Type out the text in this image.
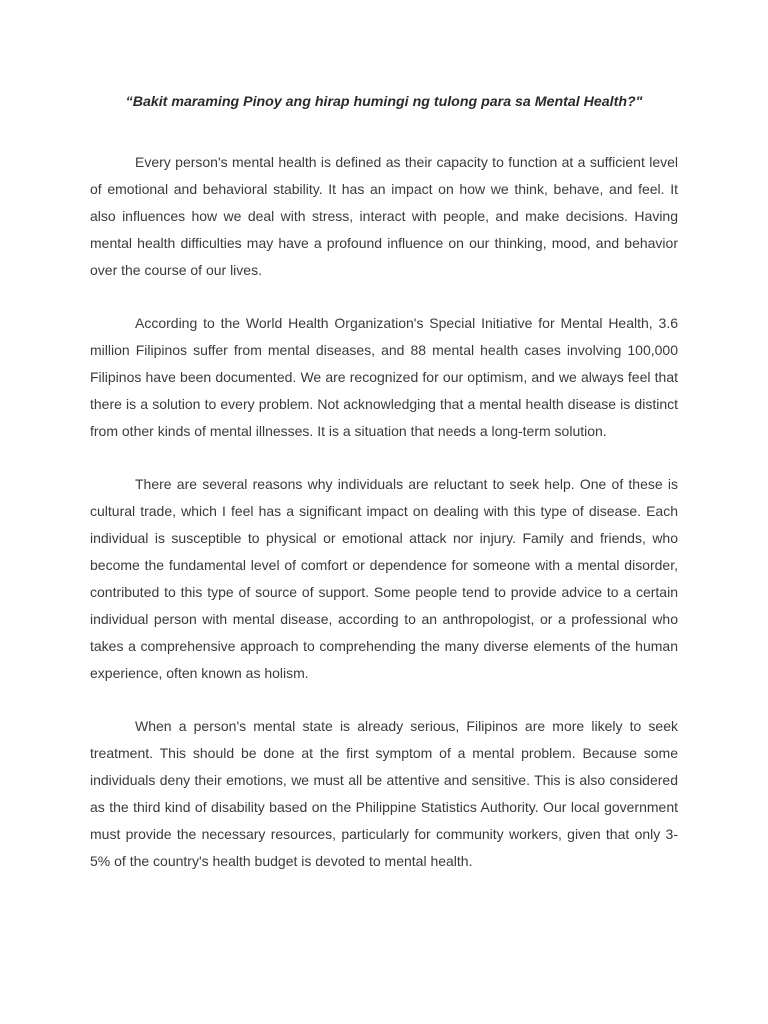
“Bakit maraming Pinoy ang hirap humingi ng tulong para sa Mental Health?"

Every person's mental health is defined as their capacity to function at a sufficient level of emotional and behavioral stability. It has an impact on how we think, behave, and feel. It also influences how we deal with stress, interact with people, and make decisions. Having mental health difficulties may have a profound influence on our thinking, mood, and behavior over the course of our lives.

According to the World Health Organization's Special Initiative for Mental Health, 3.6 million Filipinos suffer from mental diseases, and 88 mental health cases involving 100,000 Filipinos have been documented. We are recognized for our optimism, and we always feel that there is a solution to every problem. Not acknowledging that a mental health disease is distinct from other kinds of mental illnesses. It is a situation that needs a long-term solution.

There are several reasons why individuals are reluctant to seek help. One of these is cultural trade, which I feel has a significant impact on dealing with this type of disease. Each individual is susceptible to physical or emotional attack nor injury. Family and friends, who become the fundamental level of comfort or dependence for someone with a mental disorder, contributed to this type of source of support. Some people tend to provide advice to a certain individual person with mental disease, according to an anthropologist, or a professional who takes a comprehensive approach to comprehending the many diverse elements of the human experience, often known as holism.

When a person's mental state is already serious, Filipinos are more likely to seek treatment. This should be done at the first symptom of a mental problem. Because some individuals deny their emotions, we must all be attentive and sensitive. This is also considered as the third kind of disability based on the Philippine Statistics Authority. Our local government must provide the necessary resources, particularly for community workers, given that only 3-5% of the country's health budget is devoted to mental health.
